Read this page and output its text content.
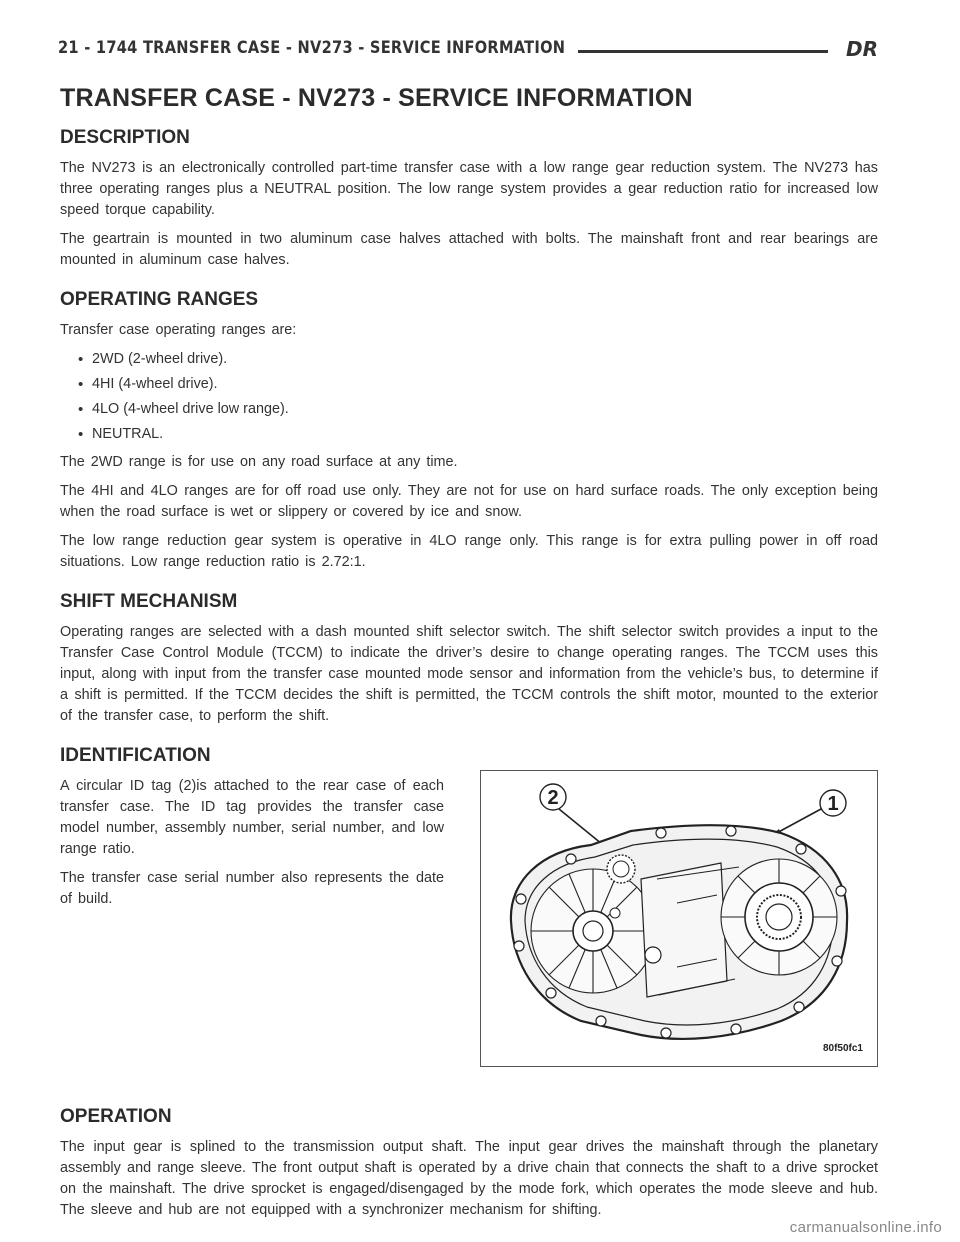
21 - 1744 TRANSFER CASE - NV273 - SERVICE INFORMATION	DR
TRANSFER CASE - NV273 - SERVICE INFORMATION
DESCRIPTION

The NV273 is an electronically controlled part-time transfer case with a low range gear reduction system. The NV273 has three operating ranges plus a NEUTRAL position. The low range system provides a gear reduction ratio for increased low speed torque capability.

The geartrain is mounted in two aluminum case halves attached with bolts. The mainshaft front and rear bearings are mounted in aluminum case halves.

OPERATING RANGES

Transfer case operating ranges are:

• 2WD (2-wheel drive).
• 4HI (4-wheel drive).
• 4LO (4-wheel drive low range).
• NEUTRAL.

The 2WD range is for use on any road surface at any time.

The 4HI and 4LO ranges are for off road use only. They are not for use on hard surface roads. The only exception being when the road surface is wet or slippery or covered by ice and snow.

The low range reduction gear system is operative in 4LO range only. This range is for extra pulling power in off road situations. Low range reduction ratio is 2.72:1.

SHIFT MECHANISM

Operating ranges are selected with a dash mounted shift selector switch. The shift selector switch provides a input to the Transfer Case Control Module (TCCM) to indicate the driver’s desire to change operating ranges. The TCCM uses this input, along with input from the transfer case mounted mode sensor and information from the vehicle’s bus, to determine if a shift is permitted. If the TCCM decides the shift is permitted, the TCCM controls the shift motor, mounted to the exterior of the transfer case, to perform the shift.

IDENTIFICATION

A circular ID tag (2)is attached to the rear case of each transfer case. The ID tag provides the transfer case model number, assembly number, serial number, and low range ratio.

The transfer case serial number also represents the date of build.

2	1
80f50fc1
OPERATION

The input gear is splined to the transmission output shaft. The input gear drives the mainshaft through the planetary assembly and range sleeve. The front output shaft is operated by a drive chain that connects the shaft to a drive sprocket on the mainshaft. The drive sprocket is engaged/disengaged by the mode fork, which operates the mode sleeve and hub. The sleeve and hub are not equipped with a synchronizer mechanism for shifting.

carmanualsonline.info
